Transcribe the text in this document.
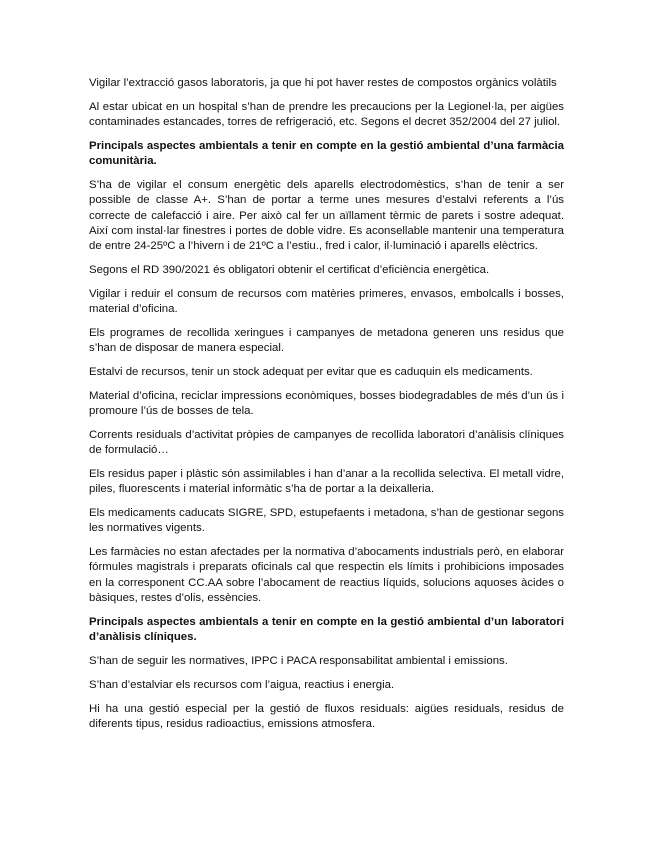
Vigilar l’extracció gasos laboratoris, ja que hi pot haver restes de compostos orgànics volàtils

Al estar ubicat en un hospital s’han de prendre les precaucions per la Legionel·la, per aigües contaminades estancades, torres de refrigeració, etc. Segons el decret 352/2004 del 27 juliol.

Principals aspectes ambientals a tenir en compte en la gestió ambiental d’una farmàcia comunitària.

S’ha de vigilar el consum energètic dels aparells electrodomèstics, s’han de tenir a ser possible de classe A+. S’han de portar a terme unes mesures d’estalvi referents a l’ús correcte de calefacció i aire. Per això cal fer un aïllament tèrmic de parets i sostre adequat. Així com instal·lar finestres i portes de doble vidre. Es aconsellable mantenir una temperatura de entre 24-25ºC a l’hivern i de 21ºC a l’estiu., fred i calor, il·luminació i aparells elèctrics.

Segons el RD 390/2021 és obligatori obtenir el certificat d’eficiència energètica.

Vigilar i reduir el consum de recursos com matèries primeres, envasos, embolcalls i bosses, material d’oficina.

Els programes de recollida xeringues i campanyes de metadona generen uns residus que s’han de disposar de manera especial.

Estalvi de recursos, tenir un stock adequat per evitar que es caduquin els medicaments.

Material d’oficina, reciclar impressions econòmiques, bosses biodegradables de més d’un ús i promoure l’ús de bosses de tela.

Corrents residuals d’activitat pròpies de campanyes de recollida laboratori d’anàlisis clíniques de formulació…

Els residus paper i plàstic són assimilables i han d’anar a la recollida selectiva. El metall vidre, piles, fluorescents i material informàtic s’ha de portar a la deixalleria.

Els medicaments caducats SIGRE, SPD, estupefaents i metadona, s’han de gestionar segons les normatives vigents.

Les farmàcies no estan afectades per la normativa d’abocaments industrials però, en elaborar fórmules magistrals i preparats oficinals cal que respectin els límits i prohibicions imposades en la corresponent CC.AA sobre l’abocament de reactius líquids, solucions aquoses àcides o bàsiques, restes d’olis, essències.

Principals aspectes ambientals a tenir en compte en la gestió ambiental d’un laboratori d’anàlisis clíniques.

S’han de seguir les normatives, IPPC i PACA responsabilitat ambiental i emissions.

S’han d’estalviar els recursos com l’aigua, reactius i energia.

Hi ha una gestió especial per la gestió de fluxos residuals: aigües residuals, residus de diferents tipus, residus radioactius, emissions atmosfera.
